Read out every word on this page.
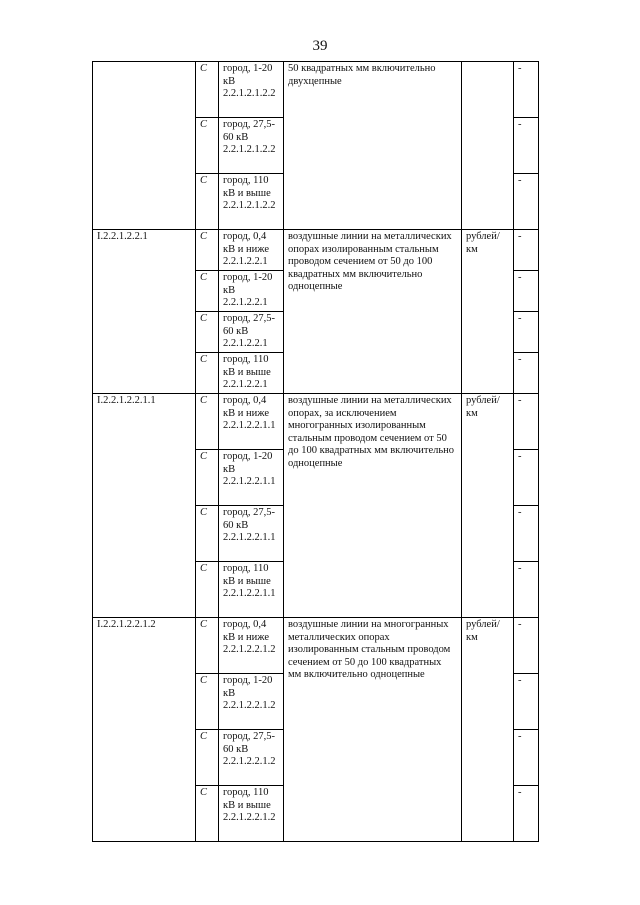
39
	С	город, 1-20 кВ 2.2.1.2.1.2.2	50 квадратных мм включительно двухцепные		-
	С	город, 27,5-60 кВ 2.2.1.2.1.2.2			-
	С	город, 110 кВ и выше 2.2.1.2.1.2.2			-
I.2.2.1.2.2.1	С	город, 0,4 кВ и ниже 2.2.1.2.2.1	воздушные линии на металлических опорах изолированным стальным проводом сечением от 50 до 100 квадратных мм включительно одноцепные	рублей/км	-
	С	город, 1-20 кВ 2.2.1.2.2.1			-
	С	город, 27,5-60 кВ 2.2.1.2.2.1			-
	С	город, 110 кВ и выше 2.2.1.2.2.1			-
I.2.2.1.2.2.1.1	С	город, 0,4 кВ и ниже 2.2.1.2.2.1.1	воздушные линии на металлических опорах, за исключением многогранных изолированным стальным проводом сечением от 50 до 100 квадратных мм включительно одноцепные	рублей/км	-
	С	город, 1-20 кВ 2.2.1.2.2.1.1			-
	С	город, 27,5-60 кВ 2.2.1.2.2.1.1			-
	С	город, 110 кВ и выше 2.2.1.2.2.1.1			-
I.2.2.1.2.2.1.2	С	город, 0,4 кВ и ниже 2.2.1.2.2.1.2	воздушные линии на многогранных металлических опорах изолированным стальным проводом сечением от 50 до 100 квадратных мм включительно одноцепные	рублей/км	-
	С	город, 1-20 кВ 2.2.1.2.2.1.2			-
	С	город, 27,5-60 кВ 2.2.1.2.2.1.2			-
	С	город, 110 кВ и выше 2.2.1.2.2.1.2			-
